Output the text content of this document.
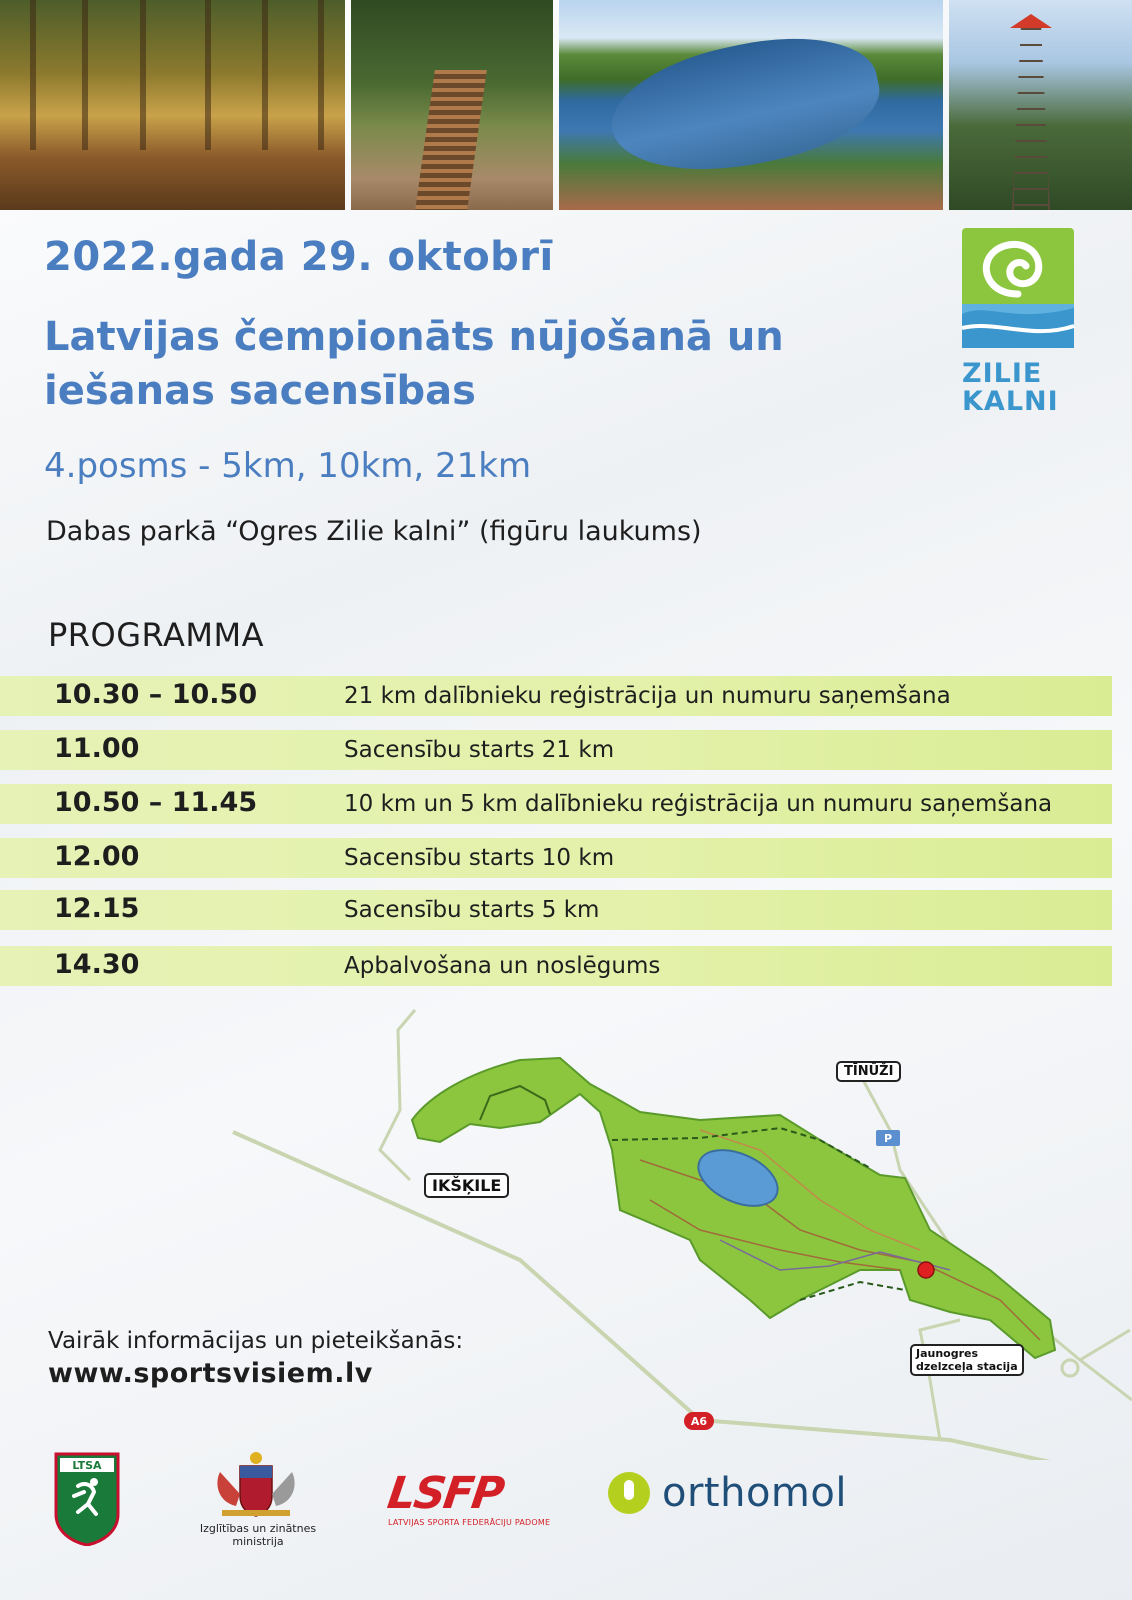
2022.gada 29. oktobrī
Latvijas čempionāts nūjošanā un iešanas sacensības
4.posms - 5km, 10km, 21km
Dabas parkā “Ogres Zilie kalni” (figūru laukums)
ZILIE
KALNI
PROGRAMMA
10.30 – 10.50	21 km dalībnieku reģistrācija un numuru saņemšana
11.00	Sacensību starts 21 km
10.50 – 11.45	10 km un 5 km dalībnieku reģistrācija un numuru saņemšana
12.00	Sacensību starts 10 km
12.15	Sacensību starts 5 km
14.30	Apbalvošana un noslēgums
A6
P
TĪNŪŽI
IKŠĶILE
Jaunogres
dzelzceļa stacija
Vairāk informācijas un pieteikšanās:
www.sportsvisiem.lv
LTSA
Izglītības un zinātnes ministrija
LSFP
LATVIJAS SPORTA FEDERĀCIJU PADOME
orthomol
